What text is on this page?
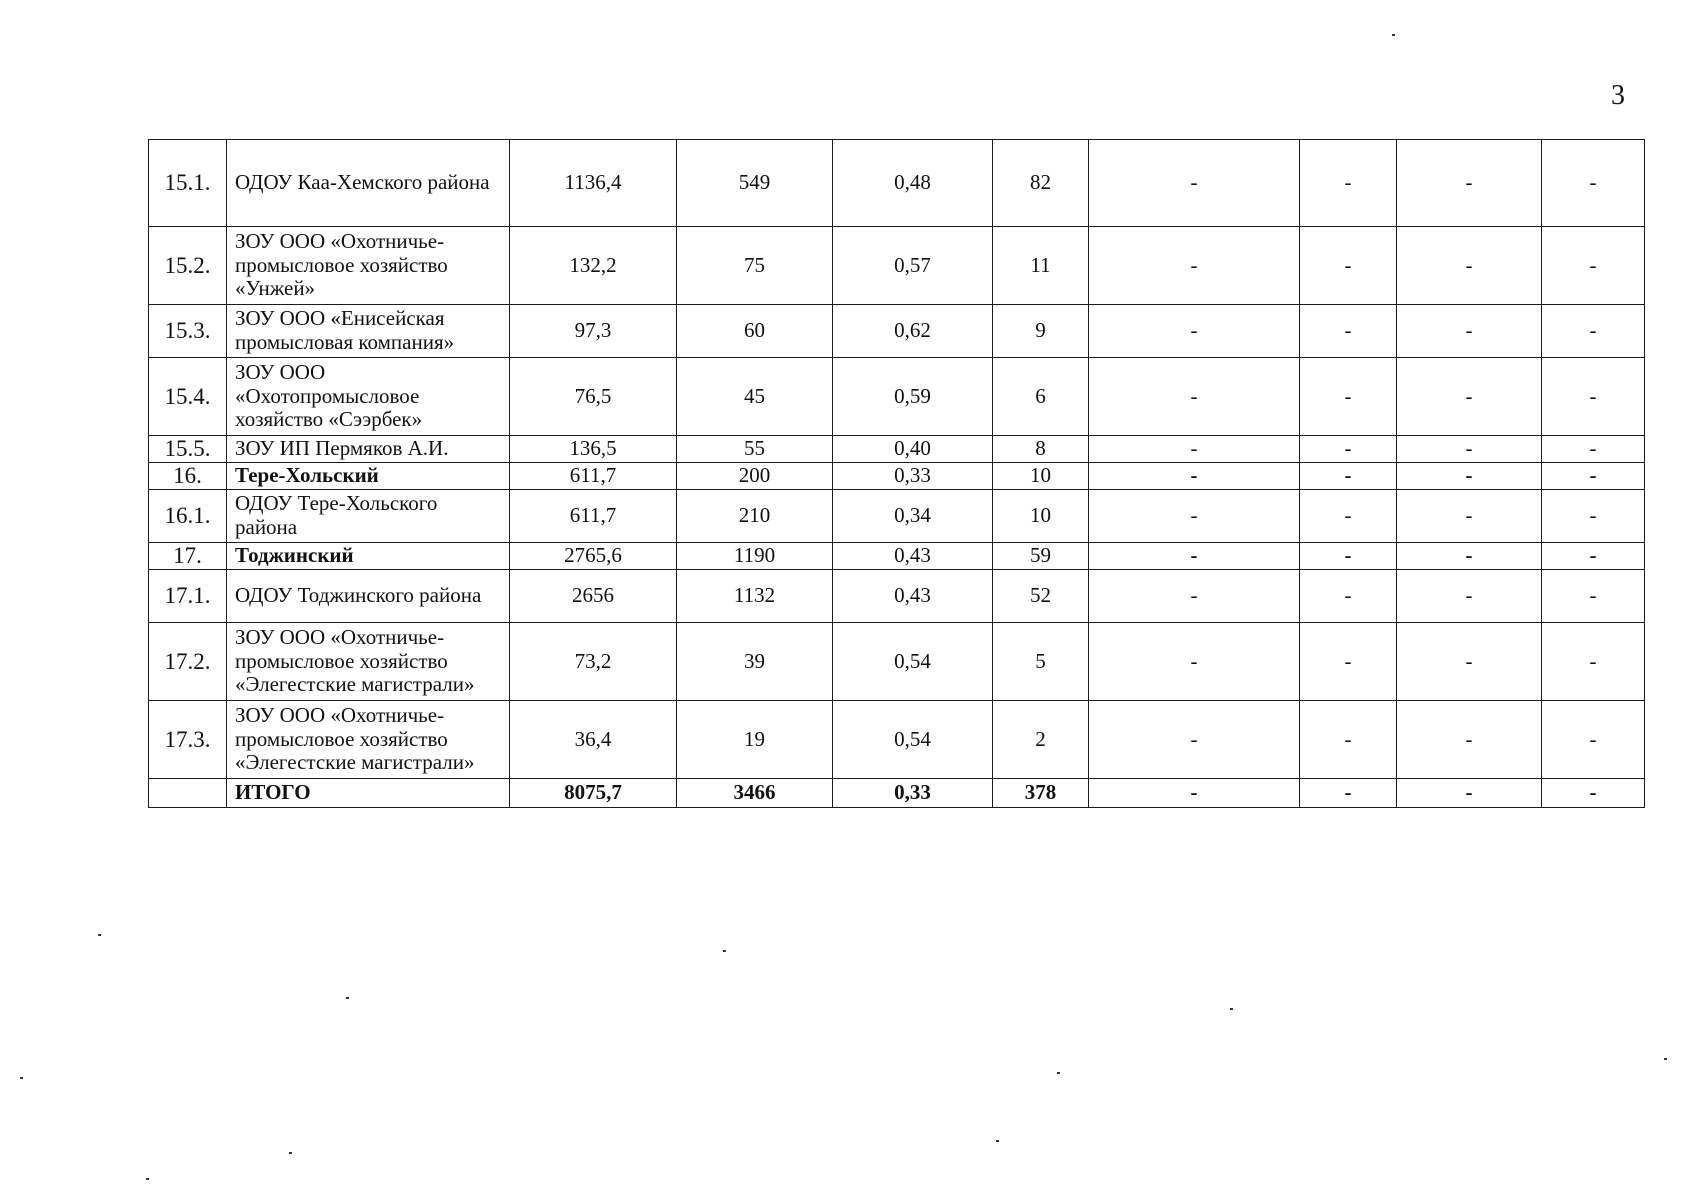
3
15.1.	ОДОУ Каа-Хемского района	1136,4	549	0,48	82	-	-	-	-
15.2.	ЗОУ ООО «Охотничье-промысловое хозяйство «Унжей»	132,2	75	0,57	11	-	-	-	-
15.3.	ЗОУ ООО «Енисейская промысловая компания»	97,3	60	0,62	9	-	-	-	-
15.4.	ЗОУ ООО «Охотопромысловое хозяйство «Сээрбек»	76,5	45	0,59	6	-	-	-	-
15.5.	ЗОУ ИП Пермяков А.И.	136,5	55	0,40	8	-	-	-	-
16.	Тере-Хольский	611,7	200	0,33	10	-	-	-	-
16.1.	ОДОУ Тере-Хольского района	611,7	210	0,34	10	-	-	-	-
17.	Тоджинский	2765,6	1190	0,43	59	-	-	-	-
17.1.	ОДОУ Тоджинского района	2656	1132	0,43	52	-	-	-	-
17.2.	ЗОУ ООО «Охотничье-промысловое хозяйство «Элегестские магистрали»	73,2	39	0,54	5	-	-	-	-
17.3.	ЗОУ ООО «Охотничье-промысловое хозяйство «Элегестские магистрали»	36,4	19	0,54	2	-	-	-	-
	ИТОГО	8075,7	3466	0,33	378	-	-	-	-
